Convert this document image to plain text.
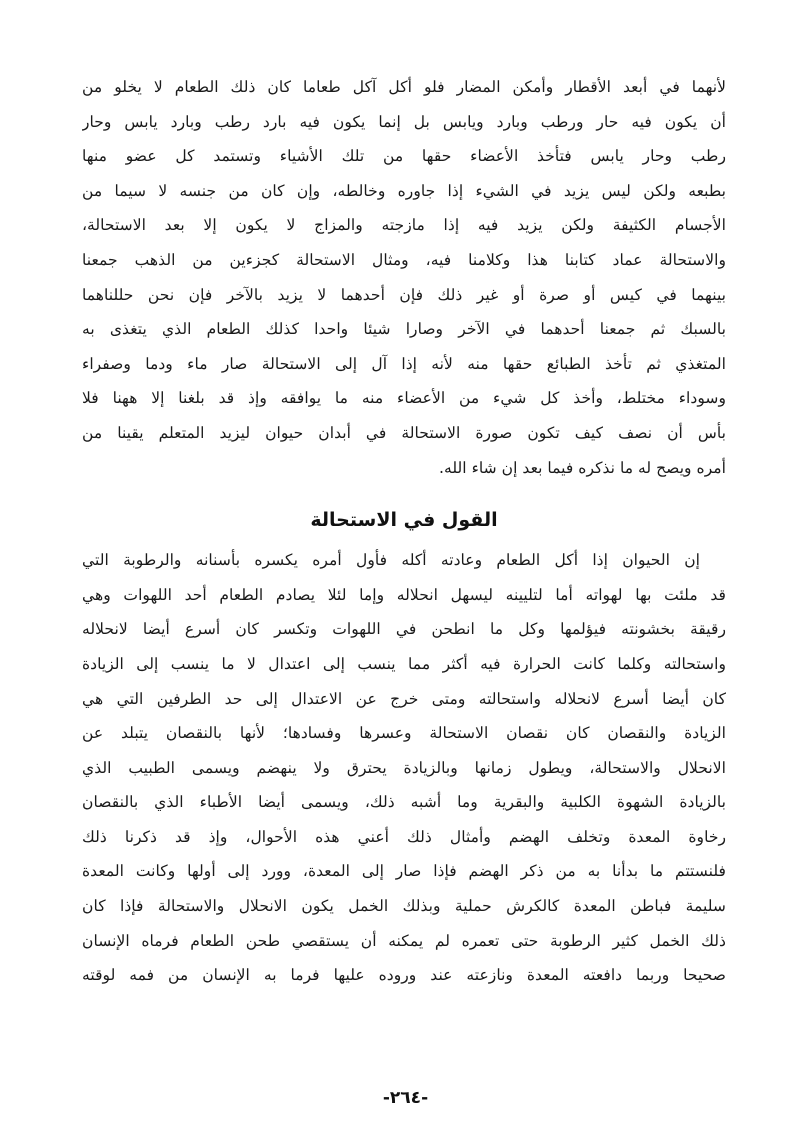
لأنهما في أبعد الأقطار وأمكن المضار فلو أكل آكل طعاما كان ذلك الطعام لا يخلو من
أن يكون فيه حار ورطب وبارد ويابس بل إنما يكون فيه بارد رطب وبارد يابس وحار
رطب وحار يابس فتأخذ الأعضاء حقها من تلك الأشياء وتستمد كل عضو منها
بطبعه ولكن ليس يزيد في الشيء إذا جاوره وخالطه، وإن كان من جنسه لا سيما من
الأجسام الكثيفة ولكن يزيد فيه إذا مازجته والمزاج لا يكون إلا بعد الاستحالة،
والاستحالة عماد كتابنا هذا وكلامنا فيه، ومثال الاستحالة كجزءين من الذهب جمعنا
بينهما في كيس أو صرة أو غير ذلك فإن أحدهما لا يزيد بالآخر فإن نحن حللناهما
بالسبك ثم جمعنا أحدهما في الآخر وصارا شيئا واحدا كذلك الطعام الذي يتغذى به
المتغذي ثم تأخذ الطبائع حقها منه لأنه إذا آل إلى الاستحالة صار ماء ودما وصفراء
وسوداء مختلط، وأخذ كل شيء من الأعضاء منه ما يوافقه وإذ قد بلغنا إلا ههنا فلا
بأس أن نصف كيف تكون صورة الاستحالة في أبدان حيوان ليزيد المتعلم يقينا من
أمره ويصح له ما نذكره فيما بعد إن شاء الله.
القول في الاستحالة
إن الحيوان إذا أكل الطعام وعادته أكله فأول أمره يكسره بأسنانه والرطوبة التي
قد ملئت بها لهواته أما لتليينه ليسهل انحلاله وإما لئلا يصادم الطعام أحد اللهوات وهي
رقيقة بخشونته فيؤلمها وكل ما انطحن في اللهوات وتكسر كان أسرع أيضا لانحلاله
واستحالته وكلما كانت الحرارة فيه أكثر مما ينسب إلى اعتدال لا ما ينسب إلى الزيادة
كان أيضا أسرع لانحلاله واستحالته ومتى خرج عن الاعتدال إلى حد الطرفين التي هي
الزيادة والنقصان كان نقصان الاستحالة وعسرها وفسادها؛ لأنها بالنقصان يتبلد عن
الانحلال والاستحالة، ويطول زمانها وبالزيادة يحترق ولا ينهضم ويسمى الطبيب الذي
بالزيادة الشهوة الكلبية والبقرية وما أشبه ذلك، ويسمى أيضا الأطباء الذي بالنقصان
رخاوة المعدة وتخلف الهضم وأمثال ذلك أعني هذه الأحوال، وإذ قد ذكرنا ذلك
فلنستتم ما بدأنا به من ذكر الهضم فإذا صار إلى المعدة، وورد إلى أولها وكانت المعدة
سليمة فباطن المعدة كالكرش حملية وبذلك الخمل يكون الانحلال والاستحالة فإذا كان
ذلك الخمل كثير الرطوبة حتى تعمره لم يمكنه أن يستقصي طحن الطعام فرماه الإنسان
صحيحا وربما دافعته المعدة ونازعته عند وروده عليها فرما به الإنسان من فمه لوقته
-٢٦٤-
